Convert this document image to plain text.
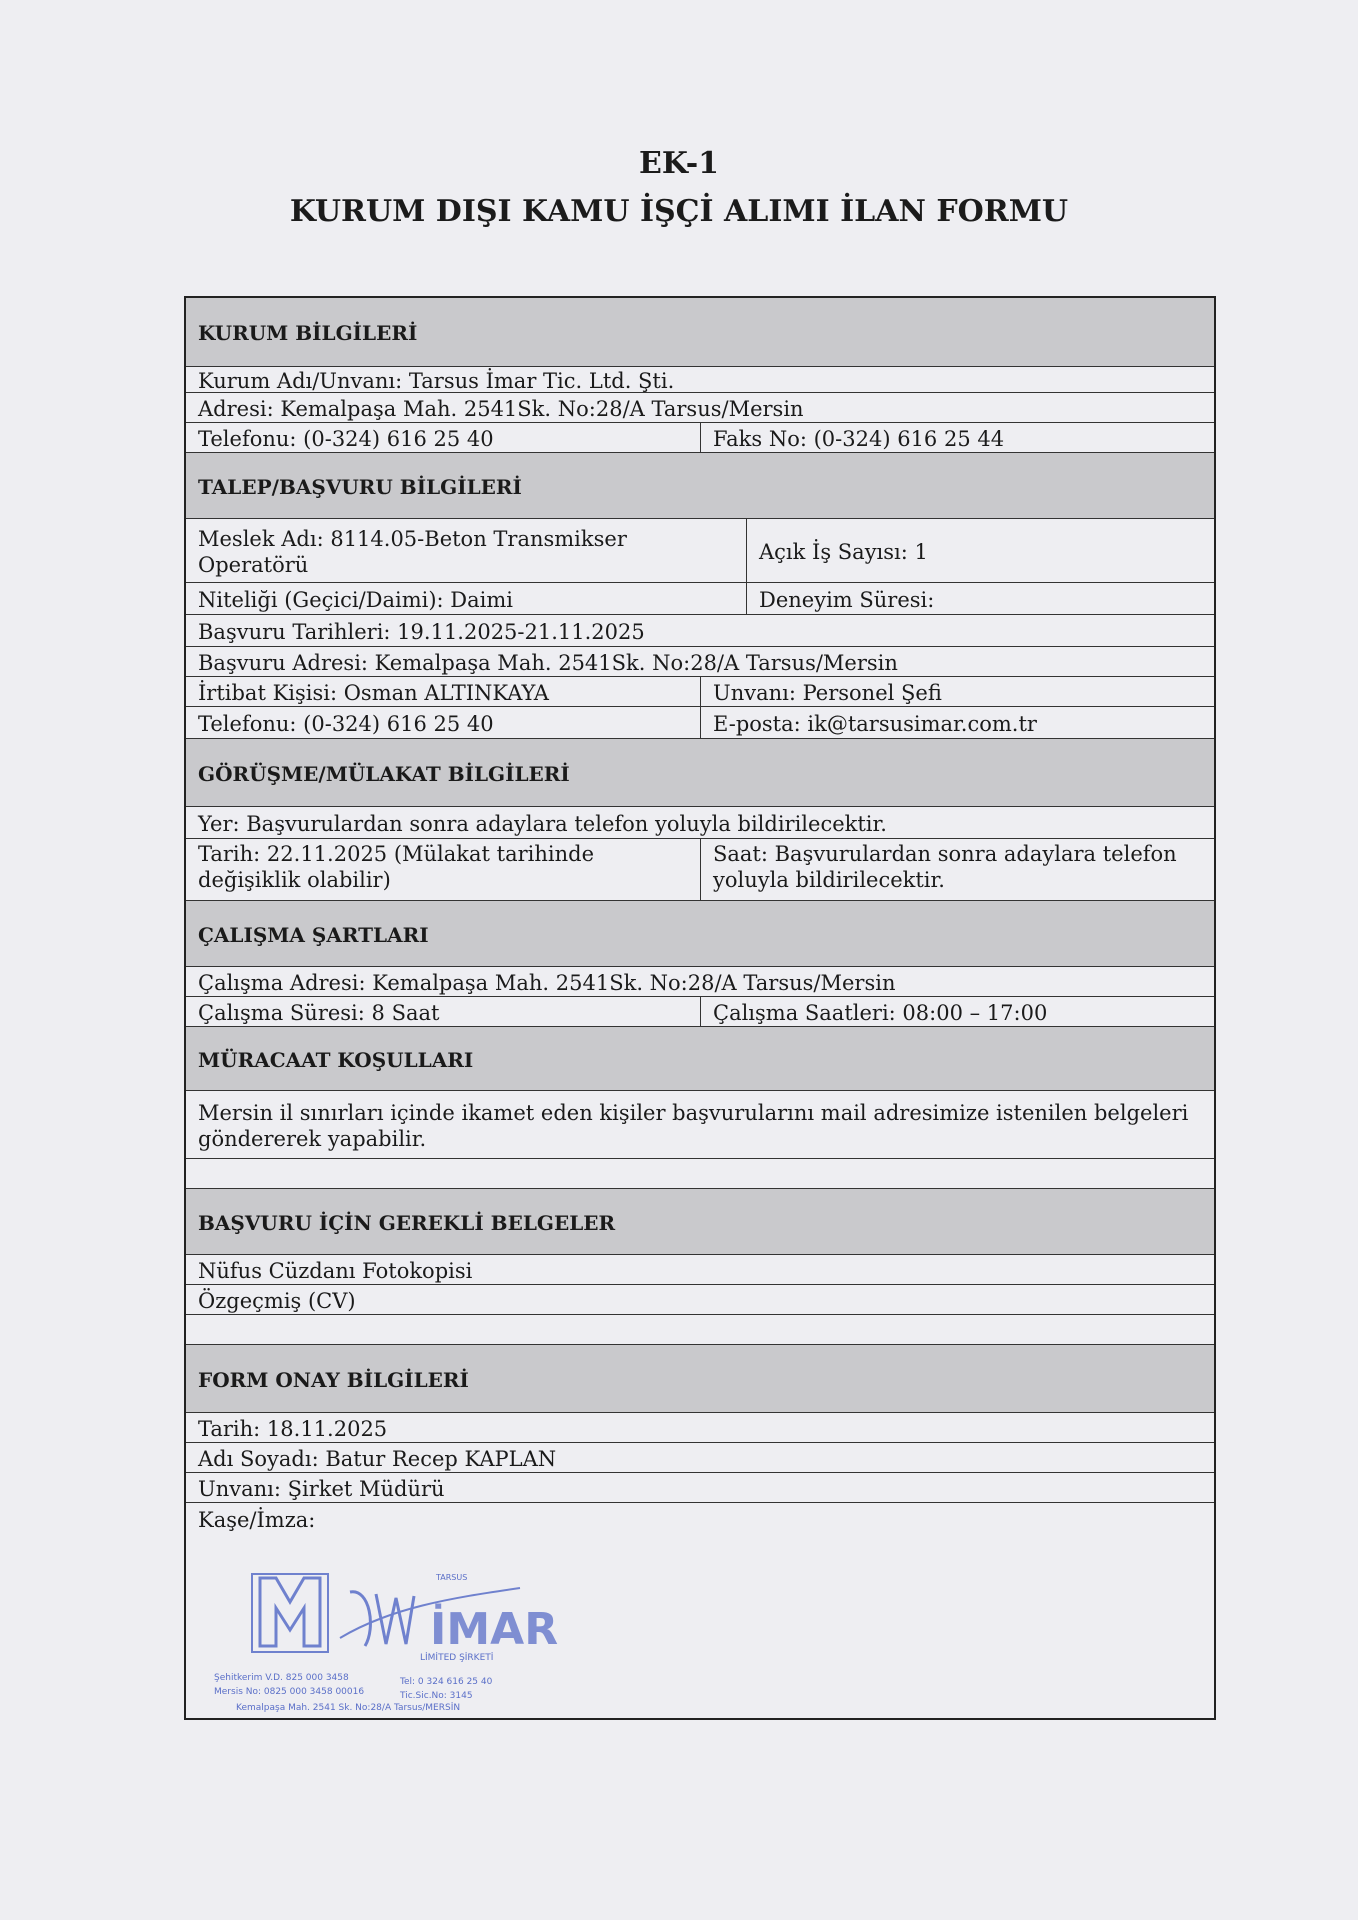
EK-1
KURUM DIŞI KAMU İŞÇİ ALIMI İLAN FORMU
KURUM BİLGİLERİ
Kurum Adı/Unvanı: Tarsus İmar Tic. Ltd. Şti.
Adresi: Kemalpaşa Mah. 2541Sk. No:28/A Tarsus/Mersin
Telefonu: (0-324) 616 25 40	Faks No: (0-324) 616 25 44
TALEP/BAŞVURU BİLGİLERİ
Meslek Adı: 8114.05-Beton Transmikser Operatörü
Açık İş Sayısı: 1
Niteliği (Geçici/Daimi): Daimi	Deneyim Süresi:
Başvuru Tarihleri: 19.11.2025-21.11.2025
Başvuru Adresi: Kemalpaşa Mah. 2541Sk. No:28/A Tarsus/Mersin
İrtibat Kişisi: Osman ALTINKAYA	Unvanı: Personel Şefi
Telefonu: (0-324) 616 25 40	E-posta: ik@tarsusimar.com.tr
GÖRÜŞME/MÜLAKAT BİLGİLERİ
Yer: Başvurulardan sonra adaylara telefon yoluyla bildirilecektir.
Tarih: 22.11.2025 (Mülakat tarihinde değişiklik olabilir)
Saat: Başvurulardan sonra adaylara telefon yoluyla bildirilecektir.
ÇALIŞMA ŞARTLARI
Çalışma Adresi: Kemalpaşa Mah. 2541Sk. No:28/A Tarsus/Mersin
Çalışma Süresi: 8 Saat	Çalışma Saatleri: 08:00 – 17:00
MÜRACAAT KOŞULLARI
Mersin il sınırları içinde ikamet eden kişiler başvurularını mail adresimize istenilen belgeleri göndererek yapabilir.
BAŞVURU İÇİN GEREKLİ BELGELER
Nüfus Cüzdanı Fotokopisi
Özgeçmiş (CV)
FORM ONAY BİLGİLERİ
Tarih: 18.11.2025
Adı Soyadı: Batur Recep KAPLAN
Unvanı: Şirket Müdürü
Kaşe/İmza:
İMAR
TARSUS
LİMİTED ŞİRKETİ
Şehitkerim V.D. 825 000 3458	Tel: 0 324 616 25 40
Mersis No: 0825 000 3458 00016	Tic.Sic.No: 3145
Kemalpaşa Mah. 2541 Sk. No:28/A Tarsus/MERSİN
